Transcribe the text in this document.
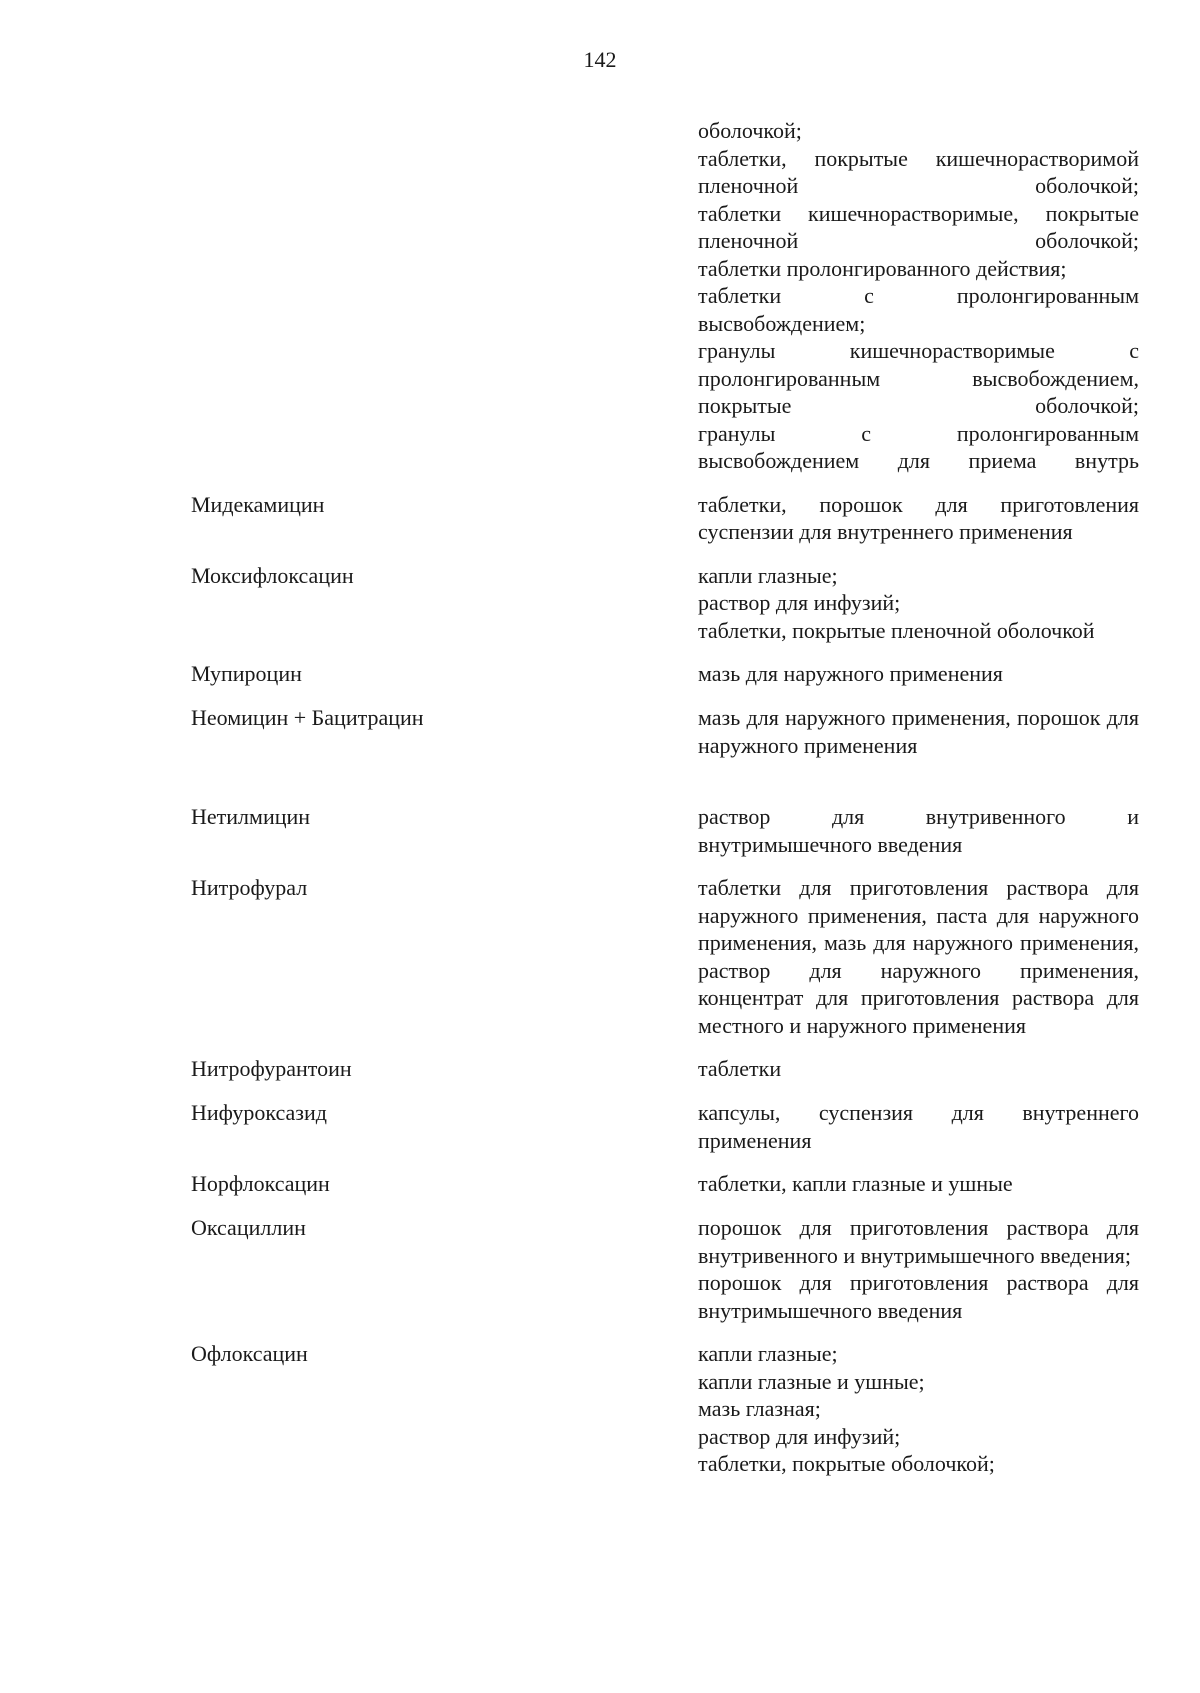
142
оболочкой;
таблетки, покрытые кишечнорастворимой пленочной оболочкой;
таблетки кишечнорастворимые, покрытые пленочной оболочкой;
таблетки пролонгированного действия;
таблетки с пролонгированным высвобождением;
гранулы кишечнорастворимые с пролонгированным высвобождением, покрытые оболочкой;
гранулы с пролонгированным высвобождением для приема внутрь
Мидекамицин	таблетки, порошок для приготовления суспензии для внутреннего применения
Моксифлоксацин	капли глазные;
раствор для инфузий;
таблетки, покрытые пленочной оболочкой
Мупироцин	мазь для наружного применения
Неомицин + Бацитрацин	мазь для наружного применения, порошок для наружного применения
Нетилмицин	раствор для внутривенного и внутримышечного введения
Нитрофурал	таблетки для приготовления раствора для наружного применения, паста для наружного применения, мазь для наружного применения, раствор для наружного применения, концентрат для приготовления раствора для местного и наружного применения
Нитрофурантоин	таблетки
Нифуроксазид	капсулы, суспензия для внутреннего применения
Норфлоксацин	таблетки, капли глазные и ушные
Оксациллин	порошок для приготовления раствора для внутривенного и внутримышечного введения;
порошок для приготовления раствора для внутримышечного введения
Офлоксацин	капли глазные;
капли глазные и ушные;
мазь глазная;
раствор для инфузий;
таблетки, покрытые оболочкой;
